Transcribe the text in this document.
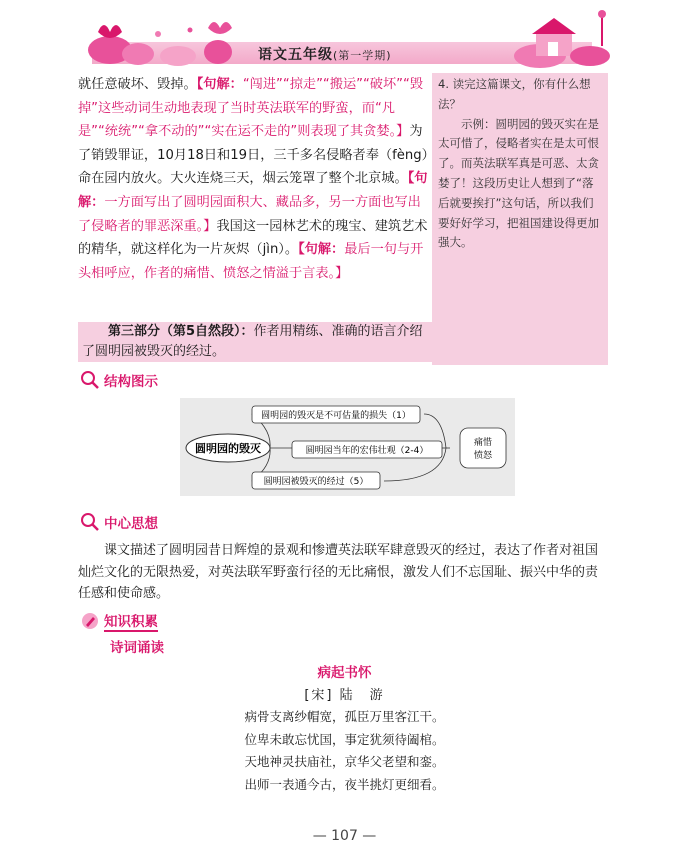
语文五年级(第一学期)
就任意破坏、毁掉。【句解：“闯进”“掠走”“搬运”“破坏”“毁掉”这些动词生动地表现了当时英法联军的野蛮，而“凡是”“统统”“拿不动的”“实在运不走的”则表现了其贪婪。】为了销毁罪证，10月18日和19日，三千多名侵略者奉（fèng）命在园内放火。大火连烧三天，烟云笼罩了整个北京城。【句解：一方面写出了圆明园面积大、藏品多，另一方面也写出了侵略者的罪恶深重。】我国这一园林艺术的瑰宝、建筑艺术的精华，就这样化为一片灰烬（jìn）。【句解：最后一句与开头相呼应，作者的痛惜、愤怒之情溢于言表。】
4. 读完这篇课文，你有什么想法？
示例：圆明园的毁灭实在是太可惜了，侵略者实在是太可恨了。而英法联军真是可恶、太贪婪了！这段历史让人想到了“落后就要挨打”这句话，所以我们要好好学习，把祖国建设得更加强大。
第三部分（第5自然段）：作者用精练、准确的语言介绍了圆明园被毁灭的经过。
结构图示
圆明园的毁灭
圆明园的毁灭是不可估量的损失（1）
圆明园当年的宏伟壮观（2-4）
圆明园被毁灭的经过（5）
痛惜
愤怒
中心思想
课文描述了圆明园昔日辉煌的景观和惨遭英法联军肆意毁灭的经过，表达了作者对祖国灿烂文化的无限热爱，对英法联军野蛮行径的无比痛恨，激发人们不忘国耻、振兴中华的责任感和使命感。
知识积累
诗词诵读
病起书怀
[宋] 陆　游
病骨支离纱帽宽，孤臣万里客江干。
位卑未敢忘忧国，事定犹须待阖棺。
天地神灵扶庙社，京华父老望和銮。
出师一表通今古，夜半挑灯更细看。
— 107 —
